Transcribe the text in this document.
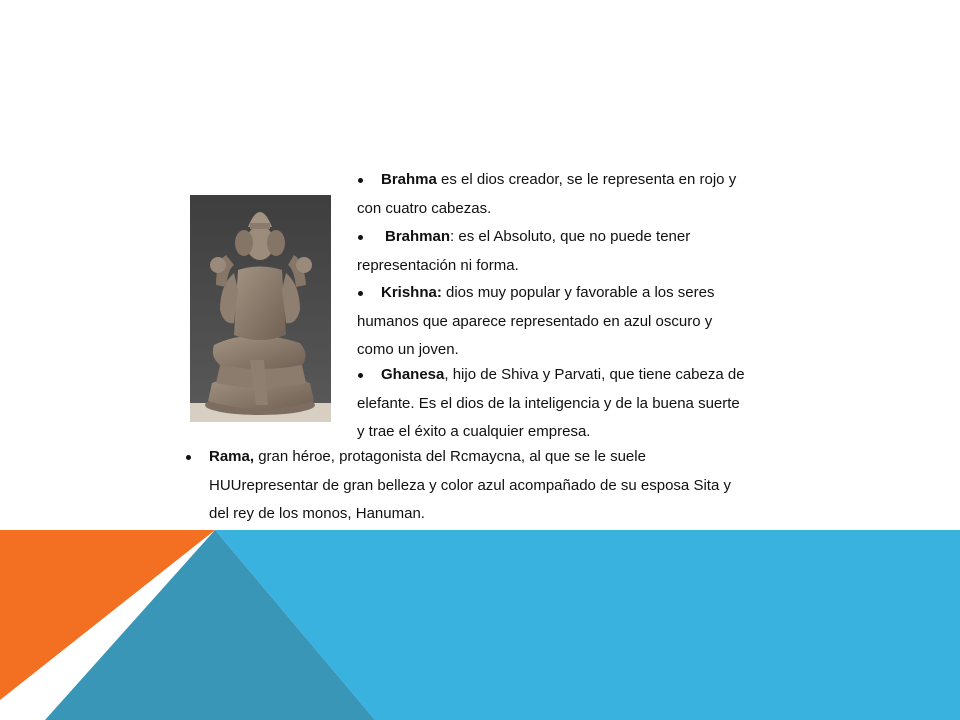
Brahma es el dios creador, se le representa en rojo y

con cuatro cabezas.

Brahman: es el Absoluto, que no puede tener

representación ni forma.

Krishna: dios muy popular y favorable a los seres

humanos que aparece representado en azul oscuro y

como un joven.

Ghanesa, hijo de Shiva y Parvati, que tiene cabeza de

elefante. Es el dios de la inteligencia y de la buena suerte

y trae el éxito a cualquier empresa.

Rama, gran héroe, protagonista del Rcmaycna, al que se le suele

HUUrepresentar de gran belleza y color azul acompañado de su esposa Sita y

del rey de los monos, Hanuman.
